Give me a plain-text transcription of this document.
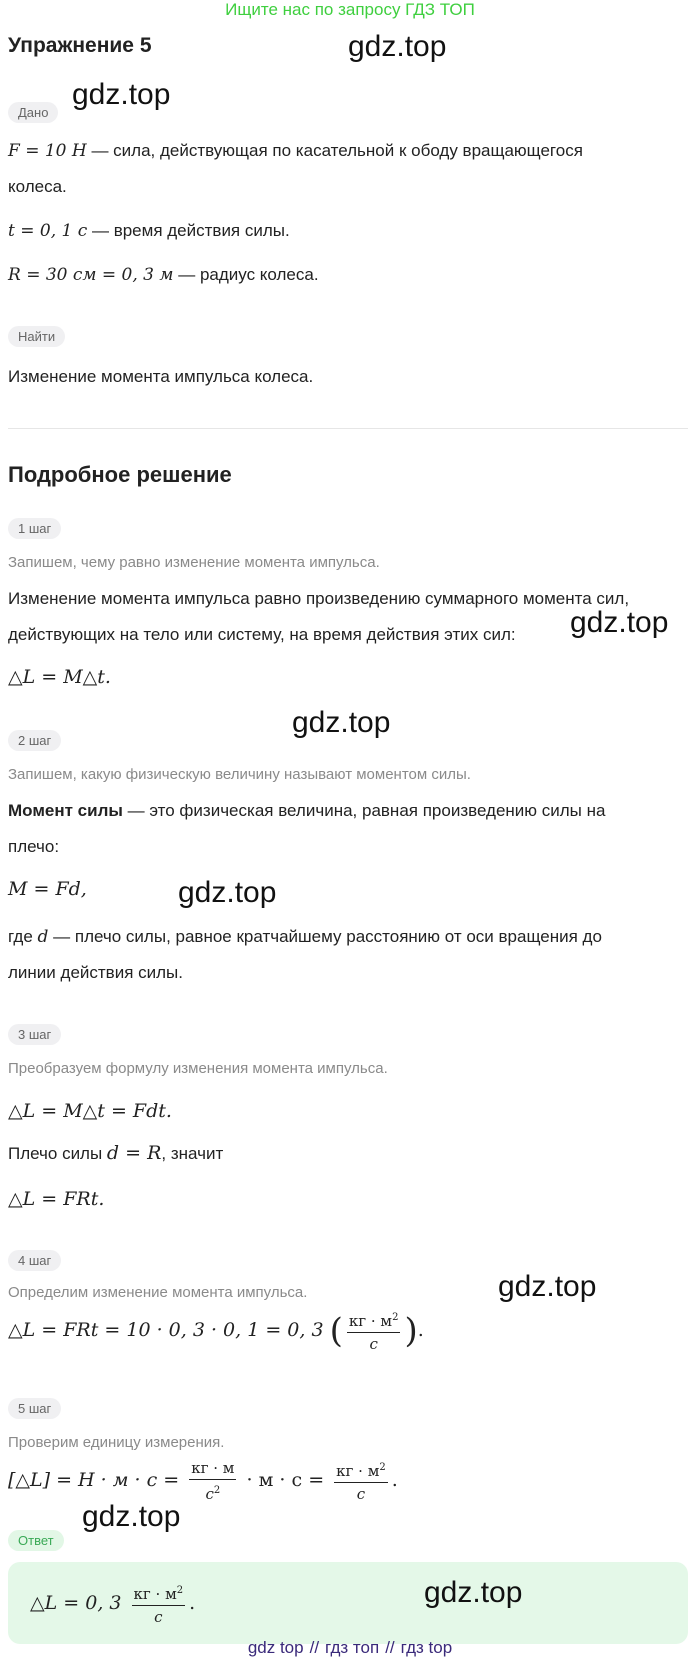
Ищите нас по запросу ГДЗ ТОП
Упражнение 5	gdz.top
Дано
gdz.top
F = 10 Н — сила, действующая по касательной к ободу вращающегося
колеса.
t = 0, 1 с — время действия силы.
R = 30 см = 0, 3 м — радиус колеса.
Найти
Изменение момента импульса колеса.
Подробное решение
1 шаг
Запишем, чему равно изменение момента импульса.
Изменение момента импульса равно произведению суммарного момента сил,
действующих на тело или систему, на время действия этих сил: gdz.top
△L = M△t.
gdz.top
2 шаг
Запишем, какую физическую величину называют моментом силы.
Момент силы — это физическая величина, равная произведению силы на
плечо:
M = Fd,	gdz.top
где d — плечо силы, равное кратчайшему расстоянию от оси вращения до
линии действия силы.
3 шаг
Преобразуем формулу изменения момента импульса.
△L = M△t = Fdt.
Плечо силы d = R, значит
△L = FRt.
4 шаг
gdz.top
Определим изменение момента импульса.
△L = FRt = 10 · 0, 3 · 0, 1 = 0, 3 ( $\frac{кг \cdot м^2}{с}$ ).
5 шаг
Проверим единицу измерения.
[△L] = $Н \cdot м \cdot с = \frac{кг \cdot м}{с^2} \cdot м \cdot с = \frac{кг \cdot м^2}{с}$ .
gdz.top
Ответ
△L = 0, $3 \frac{кг \cdot м^2}{с}$ .	gdz.top
gdz top // гдз топ // гдз top
